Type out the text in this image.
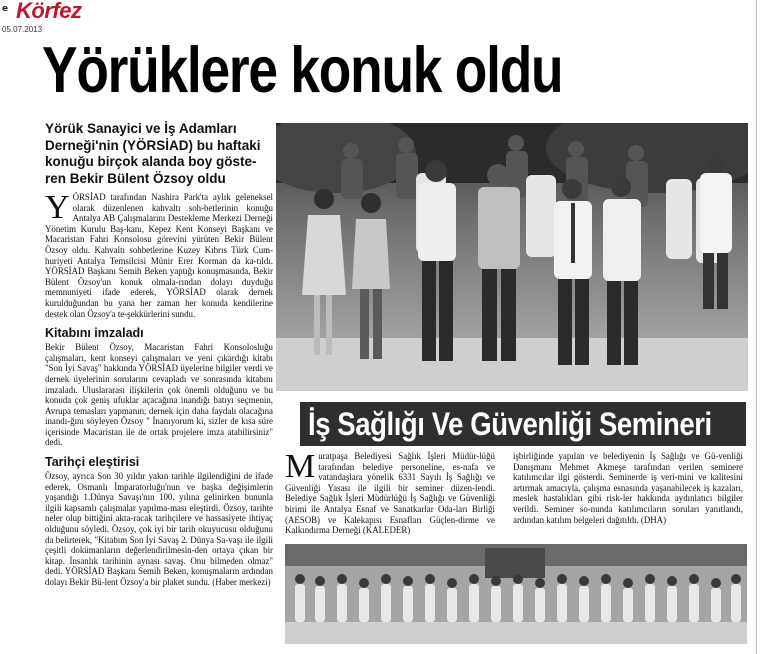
e Körfez
05.07.2013
Yörüklere konuk oldu
Yörük Sanayici ve İş Adamları Derneği'nin (YÖRSİAD) bu haftaki konuğu birçok alanda boy göste-ren Bekir Bülent Özsoy oldu

YÖRSİAD tarafından Nashira Park'ta aylık geleneksel olarak düzenlenen kahvaltı soh-betlerinin konuğu Antalya AB Çalışmalarını Destekleme Merkezi Derneği Yönetim Kurulu Baş-kanı, Kepez Kent Konseyi Başkanı ve Macaristan Fahri Konsolosu görevini yürüten Bekir Bülent Özsoy oldu. Kahvaltı sohbetlerine Kuzey Kıbrıs Türk Cum-huriyeti Antalya Temsilcisi Münir Erer Korman da ka-tıldı. YÖRSİAD Başkanı Semih Beken yaptığı konuşmasında, Bekir Bülent Özsoy'un konuk olmala-rından dolayı duyduğu memnuniyeti ifade ederek, YÖRSİAD olarak dernek kurulduğundan bu yana her zaman her konuda kendilerine destek olan Özsoy'a te-şekkürlerini sundu.

Kitabını imzaladı

Bekir Bülent Özsoy, Macaristan Fahri Konsolosluğu çalışmaları, kent konseyi çalışmaları ve yeni çıkardığı kitabı "Son İyi Savaş" hakkında YÖRSİAD üyelerine bilgiler verdi ve dernek üyelerinin sorularını cevapladı ve sonrasında kitabını imzaladı. Uluslararası ilişkilerin çok önemli olduğunu ve bu konuda çok geniş ufuklar açacağına inandığı batıyı seçmenin, Avrupa temasları yapmanın, dernek için daha faydalı olacağına inandı-ğını söyleyen Özsoy " İnanıyorum ki, sizler de kısa süre içerisinde Macaristan ile de ortak projelere imza atabilirsiniz" dedi.

Tarihçi eleştirisi

Özsoy, ayrıca Son 30 yıldır yakın tarihle ilgilendiğini de ifade ederek, Osmanlı İmparatorluğu'nun ve başka değişimlerin yaşandığı 1.Dünya Savaşı'nın 100. yılına gelinirken bununla ilgili kapsamlı çalışmalar yapılma-ması eleştirdi. Özsoy, tarihte neler olup bittiğini akta-racak tarihçilere ve hassasiyete ihtiyaç olduğunu söyledi. Özsoy, çok iyi bir tarih okuyucusu olduğunu da belirterek, "Kitabım Son İyi Savaş 2. Dünya Sa-vaşı ile ilgili çeşitli dokümanların değerlendirilmesin-den ortaya çıkan bir kitap. İnsanlık tarihinin aynası savaş. Onu bilmeden olmaz" dedi. YÖRSİAD Başkanı Semih Beken, konuşmaların ardından dolayı Bekir Bü-lent Özsoy'a bir plaket sundu. (Haber merkezi)

İş Sağlığı Ve Güvenliği Semineri

Muratpaşa Belediyesi Sağlık İşleri Müdür-lüğü tarafından belediye personeline, es-nafa ve vatandaşlara yönelik 6331 Sayılı İş Sağlığı ve Güvenliği Yasası ile ilgili bir seminer düzen-lendi. Belediye Sağlık İşleri Müdürlüğü İş Sağlığı ve Güvenliği birimi ile Antalya Esnaf ve Sanatkarlar Oda-ları Birliği (AESOB) ve Kalekapısı Esnafları Güçlen-dirme ve Kalkındırma Derneği (KALEDER)

işbirliğinde yapılan ve belediyenin İş Sağlığı ve Gü-venliği Danışmanı Mehmet Akmeşe tarafından verilen seminere katılımcılar ilgi gösterdi. Seminerde iş veri-mini ve kalitesini artırmak amacıyla, çalışma esnasında yaşanabilecek iş kazaları, meslek hastalıkları gibi risk-ler hakkında aydınlatıcı bilgiler verildi. Seminer so-nunda katılımcıların soruları yanıtlandı, ardından katılım belgeleri dağıtıldı. (DHA)
